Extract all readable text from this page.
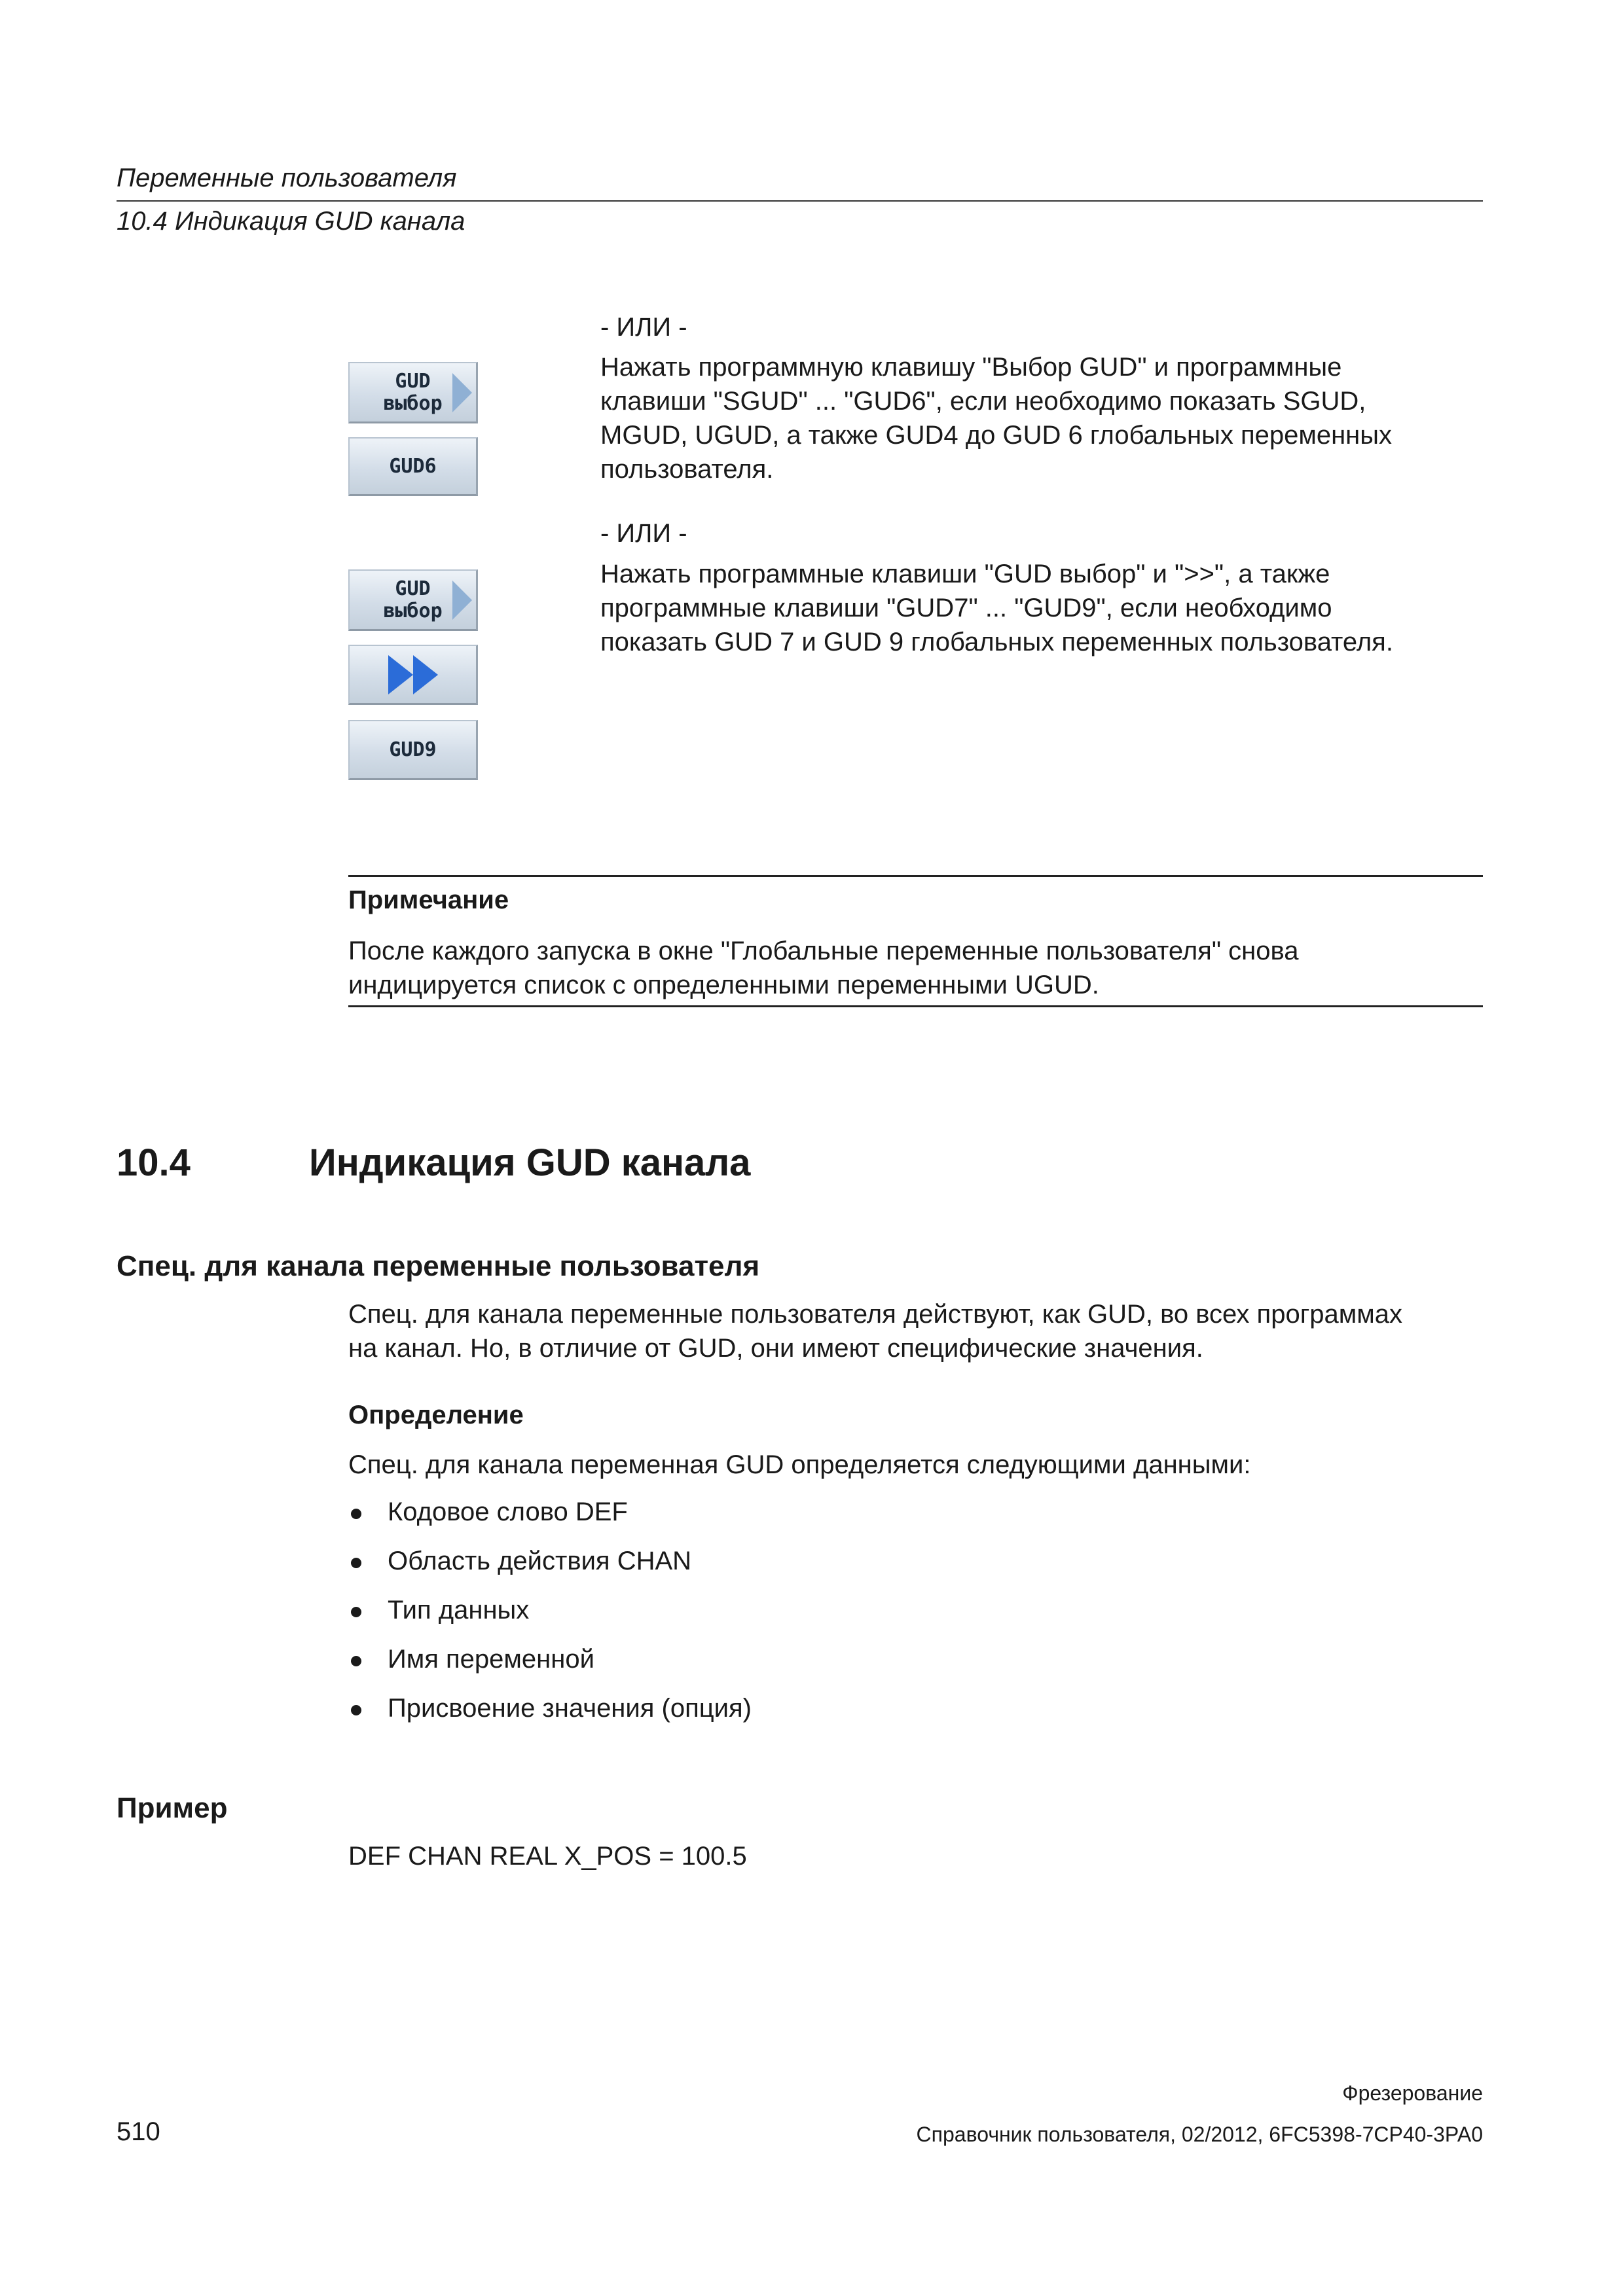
Переменные пользователя
10.4 Индикация GUD канала
GUD
выбор
GUD6
GUD
выбор
GUD9
- ИЛИ -
Нажать программную клавишу "Выбор GUD" и программные
клавиши "SGUD" ... "GUD6", если необходимо показать SGUD,
MGUD, UGUD, а также GUD4 до GUD 6 глобальных переменных
пользователя.
- ИЛИ -
Нажать программные клавиши "GUD выбор" и ">>", а также
программные клавиши "GUD7" ... "GUD9", если необходимо
показать GUD 7 и GUD 9 глобальных переменных пользователя.
Примечание
После каждого запуска в окне "Глобальные переменные пользователя" снова
индицируется список с определенными переменными UGUD.
10.4	Индикация GUD канала
Спец. для канала переменные пользователя
Спец. для канала переменные пользователя действуют, как GUD, во всех программах
на канал. Но, в отличие от GUD, они имеют специфические значения.
Определение
Спец. для канала переменная GUD определяется следующими данными:
Кодовое слово DEF
Область действия CHAN
Тип данных
Имя переменной
Присвоение значения (опция)
Пример
DEF CHAN REAL X_POS = 100.5
Фрезерование
510	Справочник пользователя, 02/2012, 6FC5398-7CP40-3PA0
